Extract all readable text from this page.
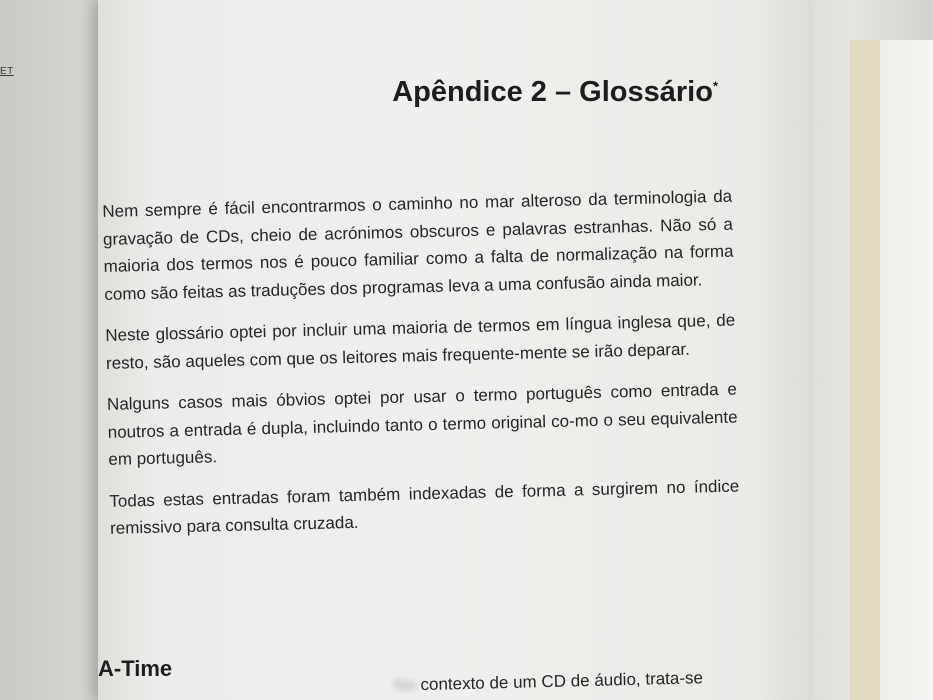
ET
Apêndice 2 – Glossário*

Nem sempre é fácil encontrarmos o caminho no mar alteroso da terminologia da gravação de CDs, cheio de acrónimos obscuros e palavras estranhas. Não só a maioria dos termos nos é pouco familiar como a falta de normalização na forma como são feitas as traduções dos programas leva a uma confusão ainda maior.

Neste glossário optei por incluir uma maioria de termos em língua inglesa que, de resto, são aqueles com que os leitores mais frequente-mente se irão deparar.

Nalguns casos mais óbvios optei por usar o termo português como entrada e noutros a entrada é dupla, incluindo tanto o termo original co-mo o seu equivalente em português.

Todas estas entradas foram também indexadas de forma a surgirem no índice remissivo para consulta cruzada.

A-Time
No contexto de um CD de áudio, trata-se
